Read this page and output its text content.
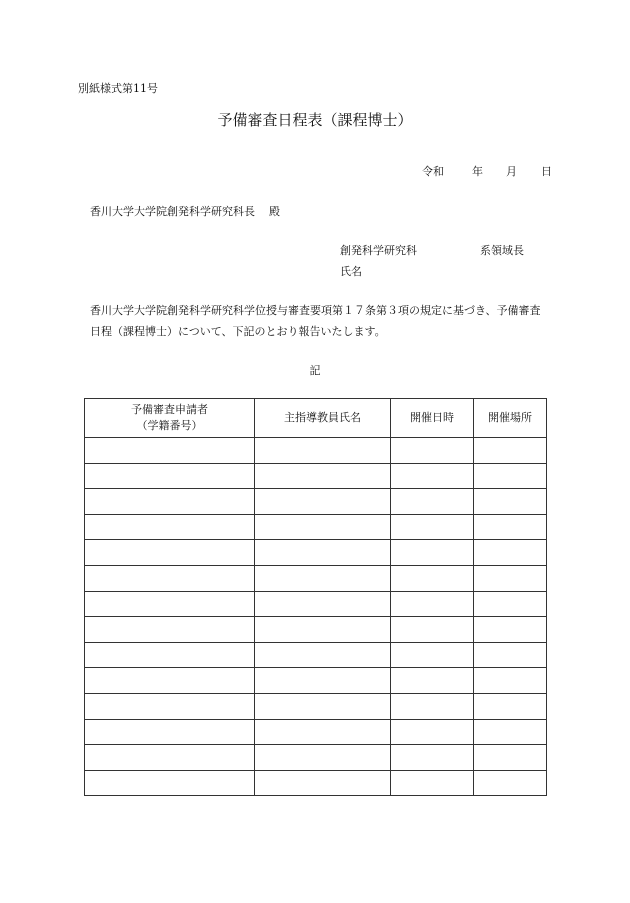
別紙様式第11号
予備審査日程表（課程博士）
令和	年 月 日
香川大学大学院創発科学研究科長 殿
創発科学研究科	系領域長
氏名
香川大学大学院創発科学研究科学位授与審査要項第１７条第３項の規定に基づき、予備審査日程（課程博士）について、下記のとおり報告いたします。
記
予備審査申請者
（学籍番号）	主指導教員氏名	開催日時	開催場所
